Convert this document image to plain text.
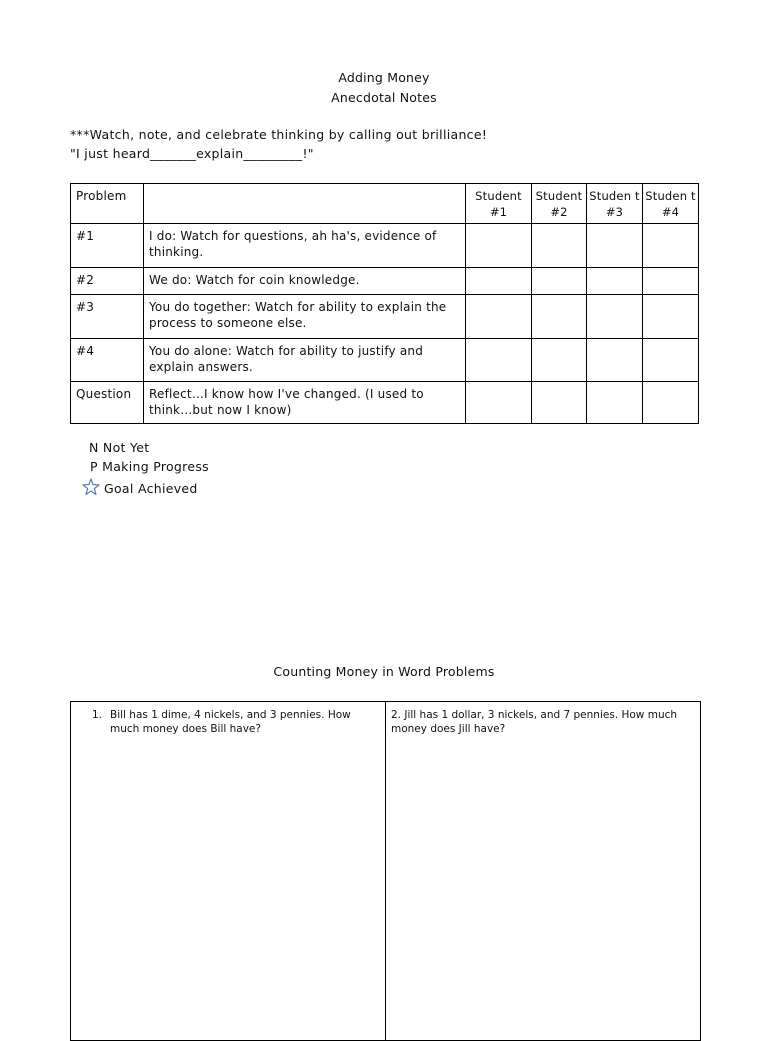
Adding Money
Anecdotal Notes
***Watch, note, and celebrate thinking by calling out brilliance!
"I just heard_______explain_________!"
Problem		Student #1	Student #2	Studen t #3	Studen t #4
#1	I do: Watch for questions, ah ha's, evidence of thinking.				
#2	We do: Watch for coin knowledge.				
#3	You do together: Watch for ability to explain the process to someone else.				
#4	You do alone: Watch for ability to justify and explain answers.				
Question	Reflect…I know how I've changed. (I used to think…but now I know)				
N Not Yet
P Making Progress
Goal Achieved
Counting Money in Word Problems
1. Bill has 1 dime, 4 nickels, and 3 pennies. How much money does Bill have?
	2. Jill has 1 dollar, 3 nickels, and 7 pennies. How much money does Jill have?
